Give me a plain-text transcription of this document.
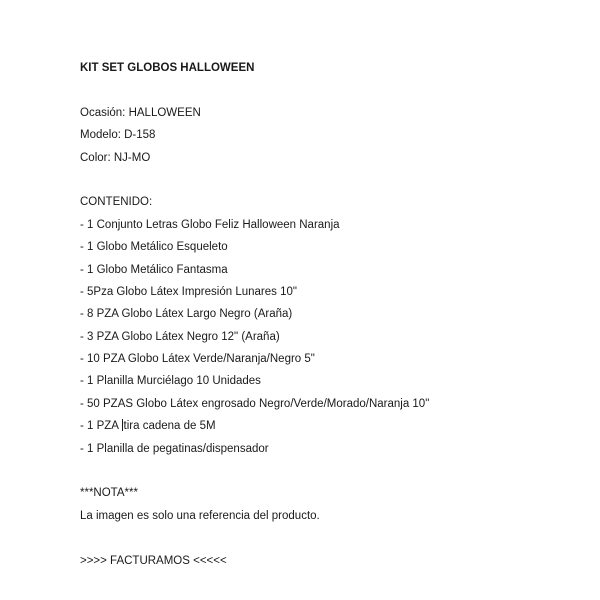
KIT SET GLOBOS HALLOWEEN
Ocasión: HALLOWEEN
Modelo: D-158
Color: NJ-MO
CONTENIDO:
- 1 Conjunto Letras Globo Feliz Halloween Naranja
- 1 Globo Metálico Esqueleto
- 1 Globo Metálico Fantasma
- 5Pza Globo Látex Impresión Lunares 10"
- 8 PZA Globo Látex Largo Negro (Araña)
- 3 PZA Globo Látex Negro 12" (Araña)
- 10 PZA Globo Látex Verde/Naranja/Negro 5"
- 1 Planilla Murciélago 10 Unidades
- 50 PZAS Globo Látex engrosado Negro/Verde/Morado/Naranja 10"
- 1 PZA tira cadena de 5M
- 1 Planilla de pegatinas/dispensador
***NOTA***
La imagen es solo una referencia del producto.
>>>> FACTURAMOS <<<<<
